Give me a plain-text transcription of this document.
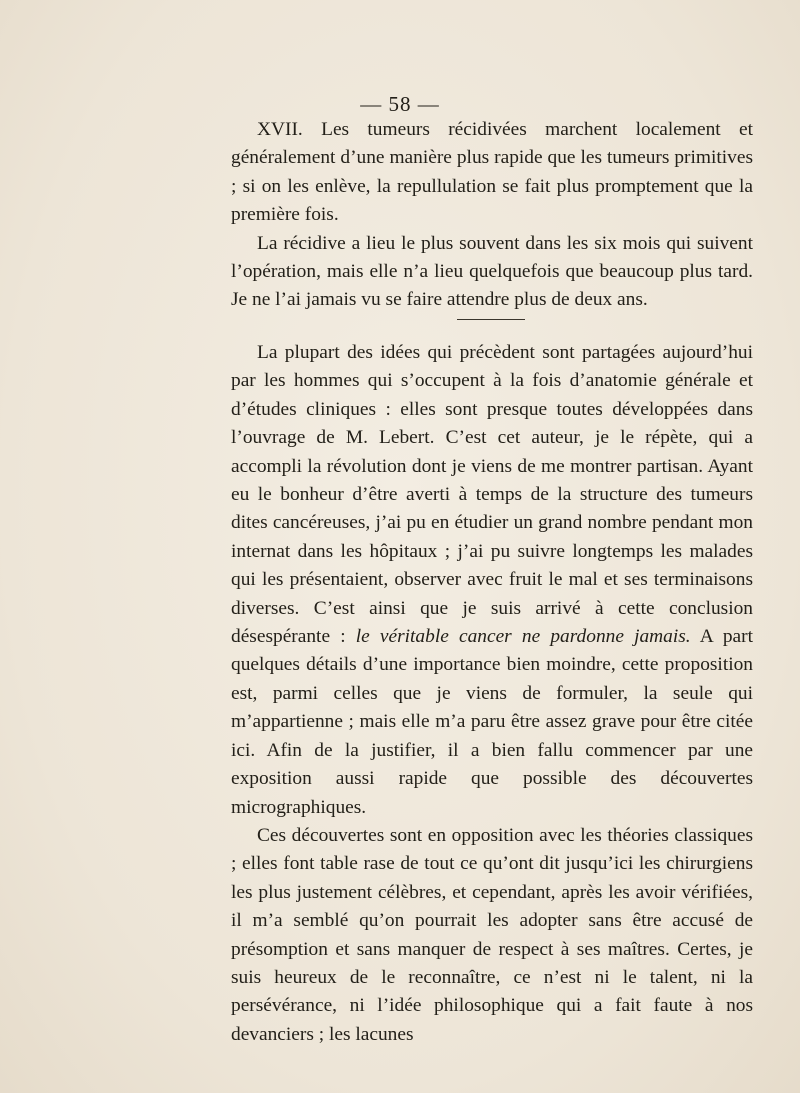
— 58 —

XVII. Les tumeurs récidivées marchent localement et généralement d’une manière plus rapide que les tumeurs primitives ; si on les enlève, la repullulation se fait plus promptement que la première fois.

La récidive a lieu le plus souvent dans les six mois qui suivent l’opération, mais elle n’a lieu quelquefois que beaucoup plus tard. Je ne l’ai jamais vu se faire attendre plus de deux ans.

La plupart des idées qui précèdent sont partagées aujourd’hui par les hommes qui s’occupent à la fois d’anatomie générale et d’études cliniques : elles sont presque toutes développées dans l’ouvrage de M. Lebert. C’est cet auteur, je le répète, qui a accompli la révolution dont je viens de me montrer partisan. Ayant eu le bonheur d’être averti à temps de la structure des tumeurs dites cancéreuses, j’ai pu en étudier un grand nombre pendant mon internat dans les hôpitaux ; j’ai pu suivre longtemps les malades qui les présentaient, observer avec fruit le mal et ses terminaisons diverses. C’est ainsi que je suis arrivé à cette conclusion désespérante : le véritable cancer ne pardonne jamais. A part quelques détails d’une importance bien moindre, cette proposition est, parmi celles que je viens de formuler, la seule qui m’appartienne ; mais elle m’a paru être assez grave pour être citée ici. Afin de la justifier, il a bien fallu commencer par une exposition aussi rapide que possible des découvertes micrographiques.

Ces découvertes sont en opposition avec les théories classiques ; elles font table rase de tout ce qu’ont dit jusqu’ici les chirurgiens les plus justement célèbres, et cependant, après les avoir vérifiées, il m’a semblé qu’on pourrait les adopter sans être accusé de présomption et sans manquer de respect à ses maîtres. Certes, je suis heureux de le reconnaître, ce n’est ni le talent, ni la persévérance, ni l’idée philosophique qui a fait faute à nos devanciers ; les lacunes
